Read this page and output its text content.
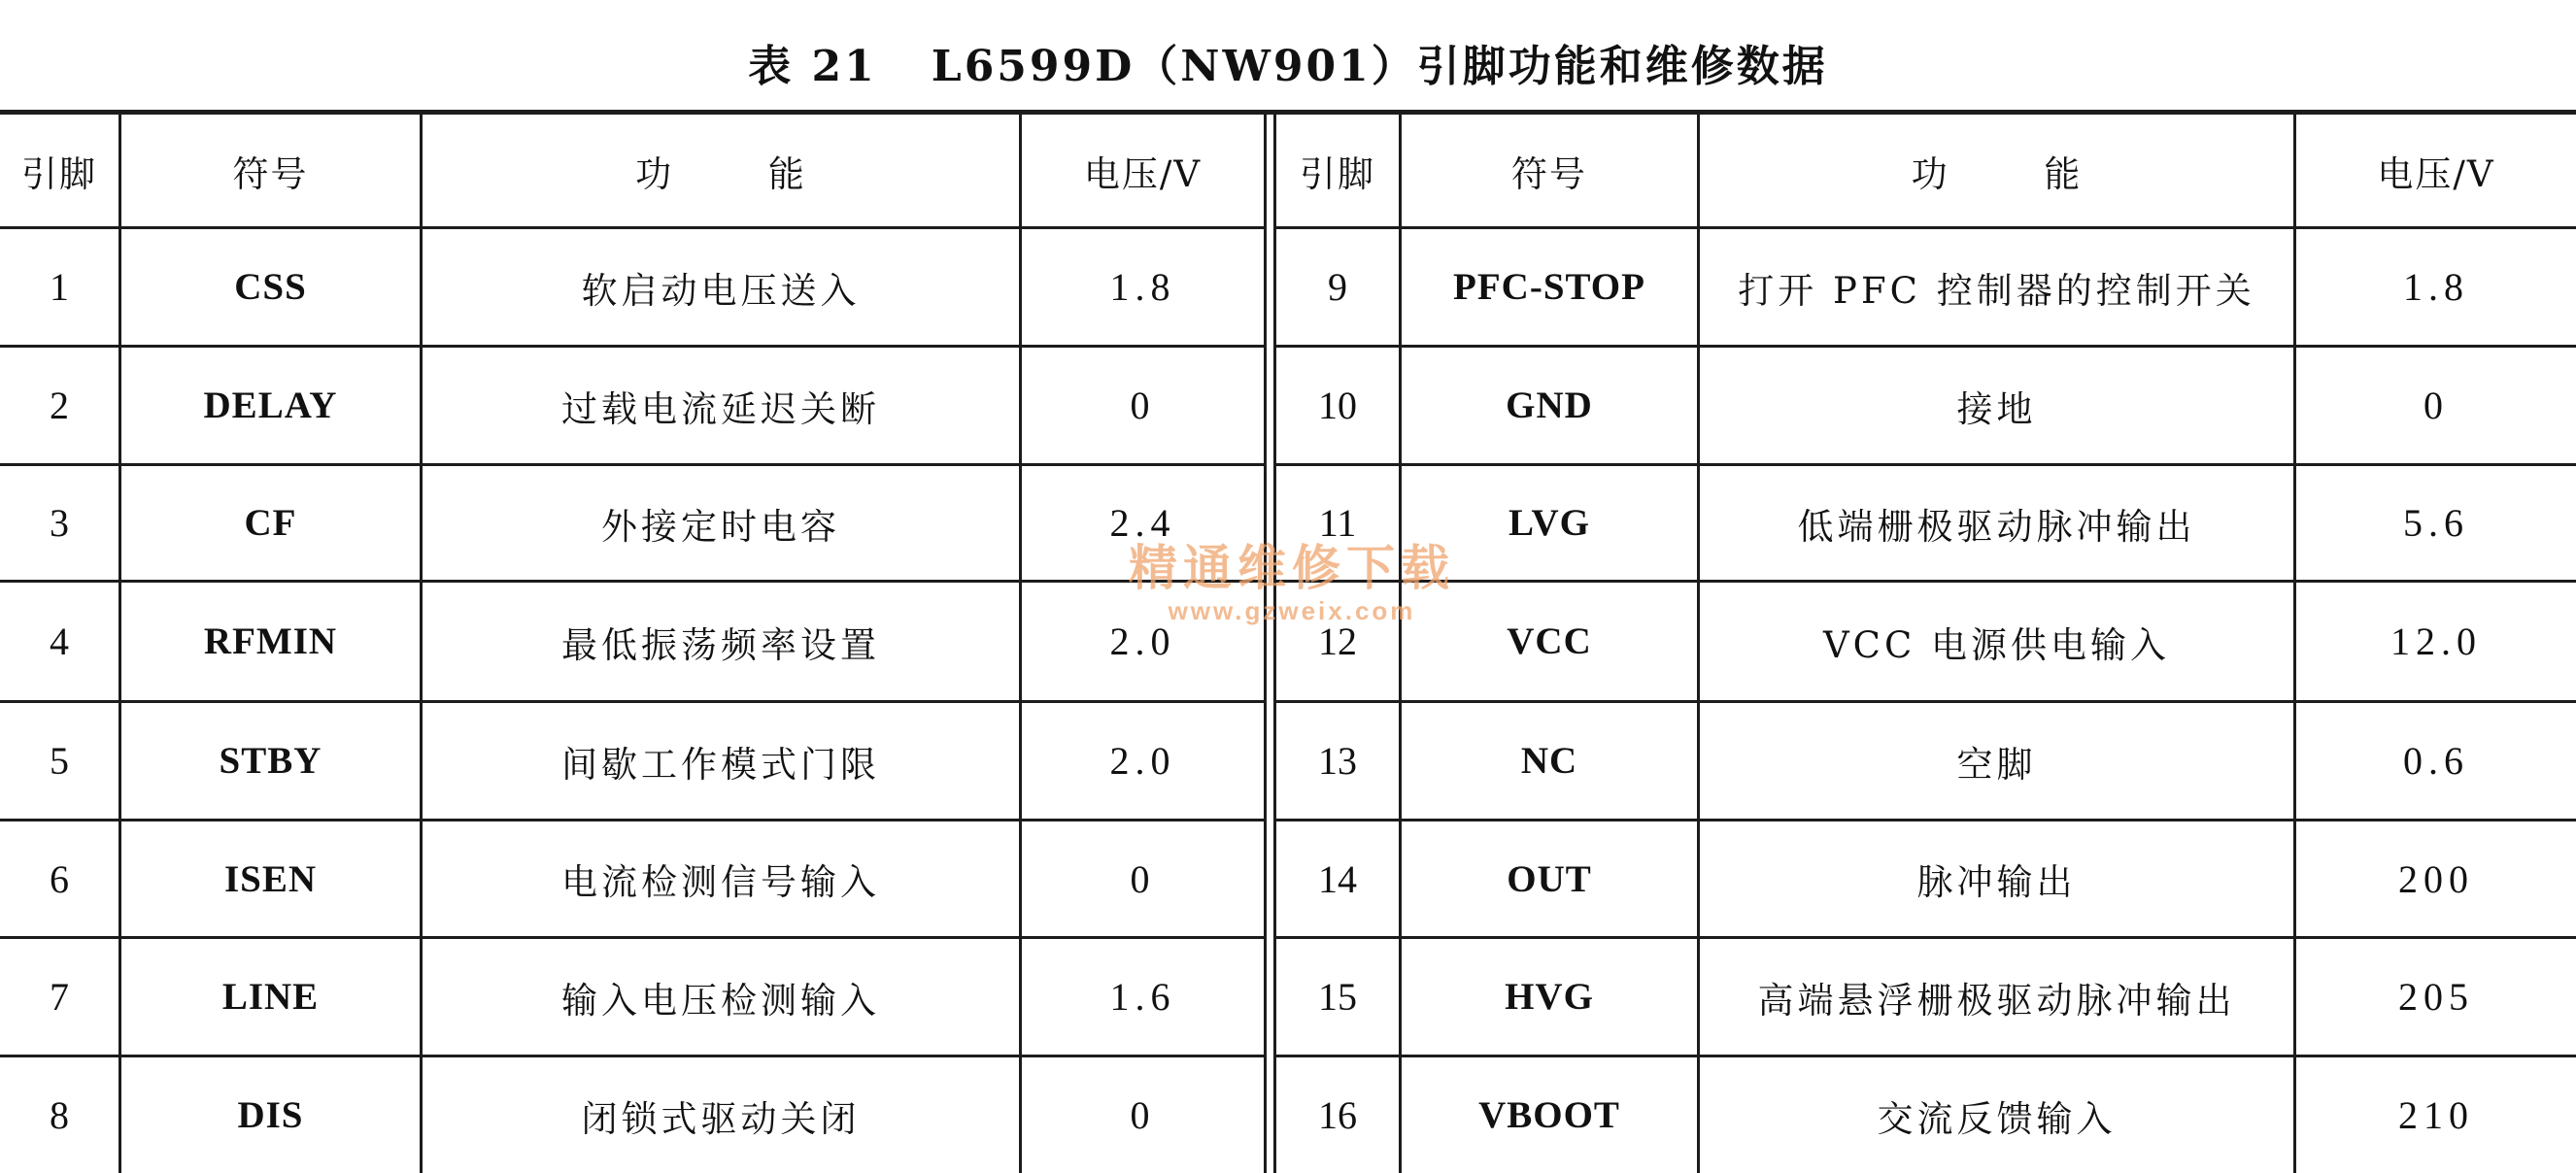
表 21 L6599D（NW901）引脚功能和维修数据
引脚	符号	功 能	电压/V	引脚	符号	功 能	电压/V
1	CSS	软启动电压送入	1.8	9	PFC-STOP	打开 PFC 控制器的控制开关	1.8
2	DELAY	过载电流延迟关断	0	10	GND	接地	0
3	CF	外接定时电容	2.4	11	LVG	低端栅极驱动脉冲输出	5.6
4	RFMIN	最低振荡频率设置	2.0	12	VCC	VCC 电源供电输入	12.0
5	STBY	间歇工作模式门限	2.0	13	NC	空脚	0.6
6	ISEN	电流检测信号输入	0	14	OUT	脉冲输出	200
7	LINE	输入电压检测输入	1.6	15	HVG	高端悬浮栅极驱动脉冲输出	205
8	DIS	闭锁式驱动关闭	0	16	VBOOT	交流反馈输入	210
精通维修下载
www.gzweix.com
